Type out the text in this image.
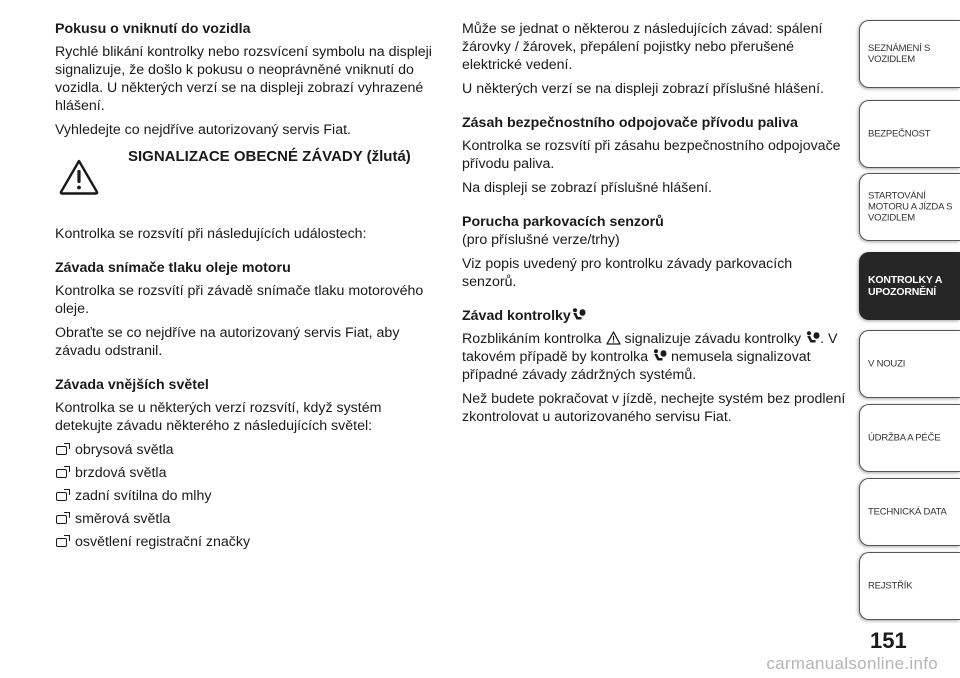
Pokusu o vniknutí do vozidla

Rychlé blikání kontrolky nebo rozsvícení symbolu na displeji signalizuje, že došlo k pokusu o neoprávněné vniknutí do vozidla. U některých verzí se na displeji zobrazí vyhrazené hlášení.

Vyhledejte co nejdříve autorizovaný servis Fiat.

SIGNALIZACE OBECNÉ ZÁVADY (žlutá)

Kontrolka se rozsvítí při následujících událostech:

Závada snímače tlaku oleje motoru

Kontrolka se rozsvítí při závadě snímače tlaku motorového oleje.

Obraťte se co nejdříve na autorizovaný servis Fiat, aby závadu odstranil.

Závada vnějších světel

Kontrolka se u některých verzí rozsvítí, když systém detekujte závadu některého z následujících světel:

obrysová světla
brzdová světla
zadní svítilna do mlhy
směrová světla
osvětlení registrační značky

Může se jednat o některou z následujících závad: spálení žárovky / žárovek, přepálení pojistky nebo přerušené elektrické vedení.

U některých verzí se na displeji zobrazí příslušné hlášení.

Zásah bezpečnostního odpojovače přívodu paliva

Kontrolka se rozsvítí při zásahu bezpečnostního odpojovače přívodu paliva.

Na displeji se zobrazí příslušné hlášení.

Porucha parkovacích senzorů

(pro příslušné verze/trhy)

Viz popis uvedený pro kontrolku závady parkovacích senzorů.

Závad kontrolky

Rozblikáním kontrolka signalizuje závadu kontrolky . V takovém případě by kontrolka nemusela signalizovat případné závady zádržných systémů.

Než budete pokračovat v jízdě, nechejte systém bez prodlení zkontrolovat u autorizovaného servisu Fiat.

SEZNÁMENÍ S
VOZIDLEM
BEZPEČNOST
STARTOVÁNÍ
MOTORU A JÍZDA S
VOZIDLEM
KONTROLKY A
UPOZORNĚNÍ
V NOUZI
ÚDRŽBA A PÉČE
TECHNICKÁ DATA
REJSTŘÍK
151
carmanualsonline.info
